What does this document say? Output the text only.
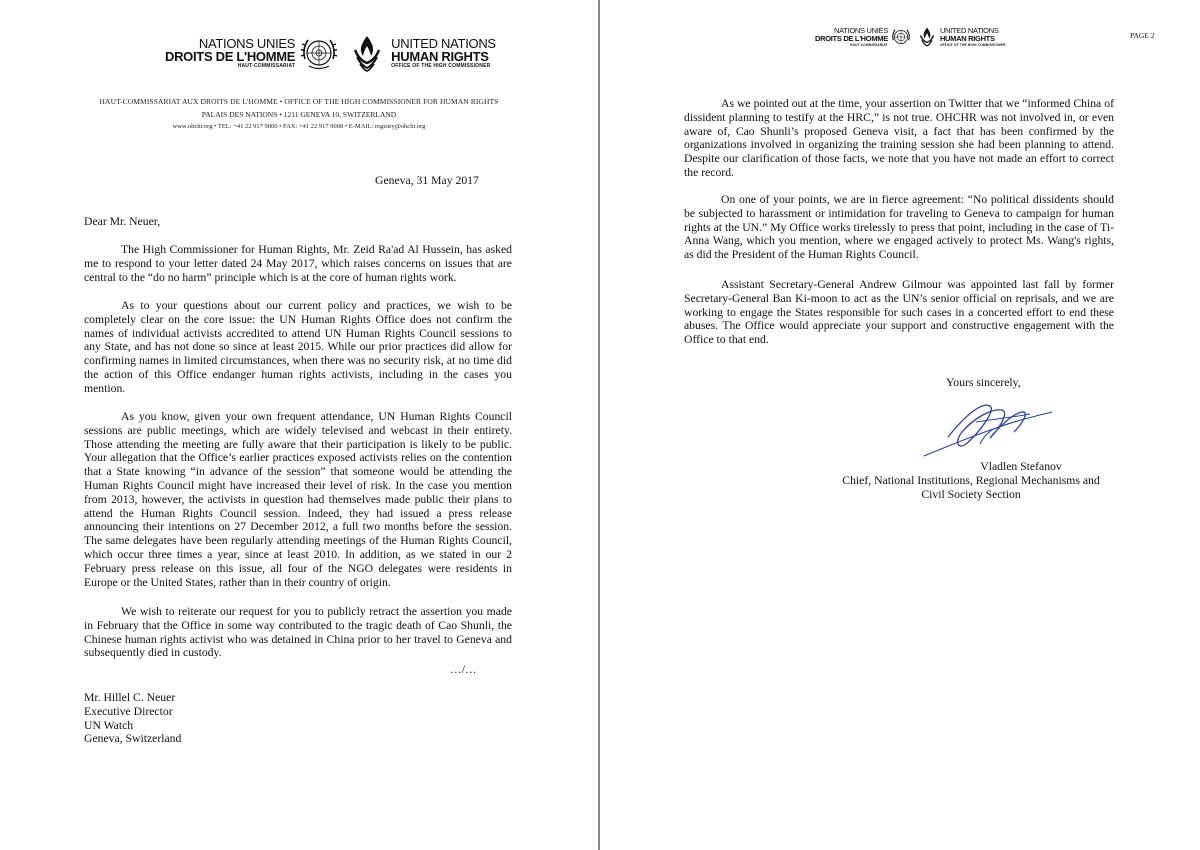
NATIONS UNIES
DROITS DE L'HOMME
HAUT-COMMISSARIAT
UNITED NATIONS
HUMAN RIGHTS
OFFICE OF THE HIGH COMMISSIONER
HAUT-COMMISSARIAT AUX DROITS DE L'HOMME • OFFICE OF THE HIGH COMMISSIONER FOR HUMAN RIGHTS
PALAIS DES NATIONS • 1211 GENEVA 10, SWITZERLAND
www.ohchr.org • TEL: +41 22 917 9000 • FAX: +41 22 917 9008 • E-MAIL: registry@ohchr.org
Geneva, 31 May 2017
Dear Mr. Neuer,

The High Commissioner for Human Rights, Mr. Zeid Ra'ad Al Hussein, has asked me to respond to your letter dated 24 May 2017, which raises concerns on issues that are central to the “do no harm” principle which is at the core of human rights work.

As to your questions about our current policy and practices, we wish to be completely clear on the core issue: the UN Human Rights Office does not confirm the names of individual activists accredited to attend UN Human Rights Council sessions to any State, and has not done so since at least 2015. While our prior practices did allow for confirming names in limited circumstances, when there was no security risk, at no time did the action of this Office endanger human rights activists, including in the cases you mention.

As you know, given your own frequent attendance, UN Human Rights Council sessions are public meetings, which are widely televised and webcast in their entirety. Those attending the meeting are fully aware that their participation is likely to be public. Your allegation that the Office’s earlier practices exposed activists relies on the contention that a State knowing “in advance of the session” that someone would be attending the Human Rights Council might have increased their level of risk. In the case you mention from 2013, however, the activists in question had themselves made public their plans to attend the Human Rights Council session. Indeed, they had issued a press release announcing their intentions on 27 December 2012, a full two months before the session. The same delegates have been regularly attending meetings of the Human Rights Council, which occur three times a year, since at least 2010. In addition, as we stated in our 2 February press release on this issue, all four of the NGO delegates were residents in Europe or the United States, rather than in their country of origin.

We wish to reiterate our request for you to publicly retract the assertion you made in February that the Office in some way contributed to the tragic death of Cao Shunli, the Chinese human rights activist who was detained in China prior to her travel to Geneva and subsequently died in custody.

…/…
Mr. Hillel C. Neuer
Executive Director
UN Watch
Geneva, Switzerland
NATIONS UNIES
DROITS DE L'HOMME
HAUT-COMMISSARIAT
UNITED NATIONS
HUMAN RIGHTS
OFFICE OF THE HIGH COMMISSIONER
PAGE 2

As we pointed out at the time, your assertion on Twitter that we “informed China of dissident planning to testify at the HRC,” is not true. OHCHR was not involved in, or even aware of, Cao Shunli’s proposed Geneva visit, a fact that has been confirmed by the organizations involved in organizing the training session she had been planning to attend. Despite our clarification of those facts, we note that you have not made an effort to correct the record.

On one of your points, we are in fierce agreement: “No political dissidents should be subjected to harassment or intimidation for traveling to Geneva to campaign for human rights at the UN.” My Office works tirelessly to press that point, including in the case of Ti-Anna Wang, which you mention, where we engaged actively to protect Ms. Wang's rights, as did the President of the Human Rights Council.

Assistant Secretary-General Andrew Gilmour was appointed last fall by former Secretary-General Ban Ki-moon to act as the UN’s senior official on reprisals, and we are working to engage the States responsible for such cases in a concerted effort to end these abuses. The Office would appreciate your support and constructive engagement with the Office to that end.

Yours sincerely,
Vladlen Stefanov
Chief, National Institutions, Regional Mechanisms and Civil Society Section
